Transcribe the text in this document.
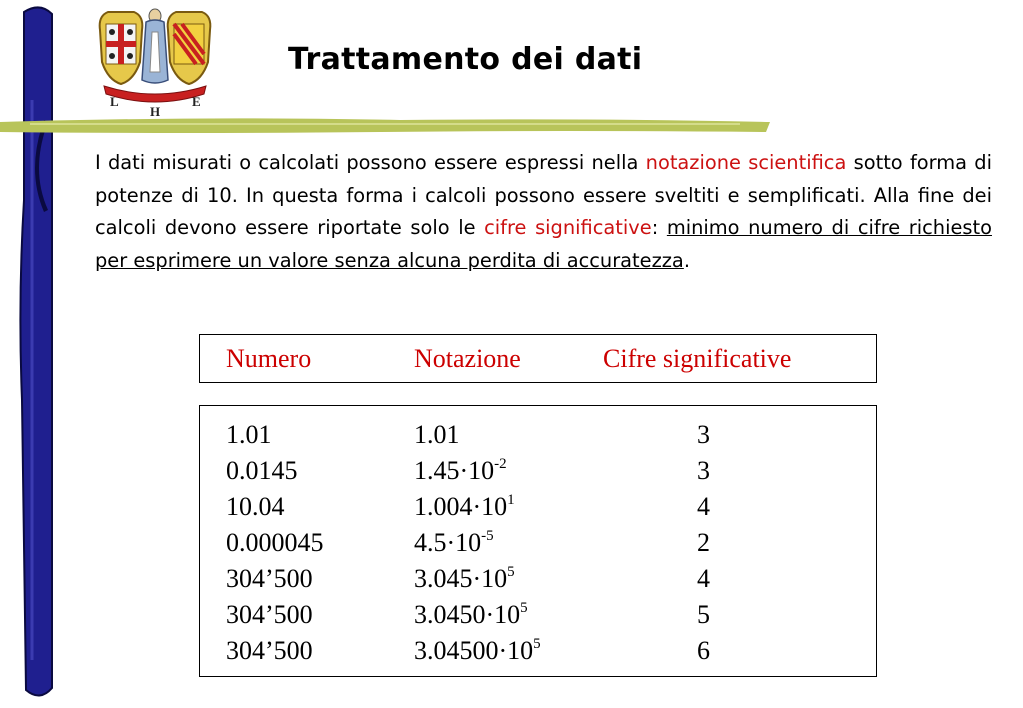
L
H
E
Trattamento dei dati
I dati misurati o calcolati possono essere espressi nella notazione scientifica sotto forma di potenze di 10. In questa forma i calcoli possono essere sveltiti e semplificati. Alla fine dei calcoli devono essere riportate solo le cifre significative: minimo numero di cifre richiesto per esprimere un valore senza alcuna perdita di accuratezza.
Numero	Notazione	Cifre significative
1.01	1.01	3
0.0145	$1.45\cdot 10^{-2}$	3
10.04	$1.004\cdot 10^1$	4
0.000045	$4.5\cdot 10^{-5}$	2
304’500	$3.045\cdot 10^5$	4
304’500	$3.0450\cdot 10^5$	5
304’500	$3.04500\cdot 10^5$	6
